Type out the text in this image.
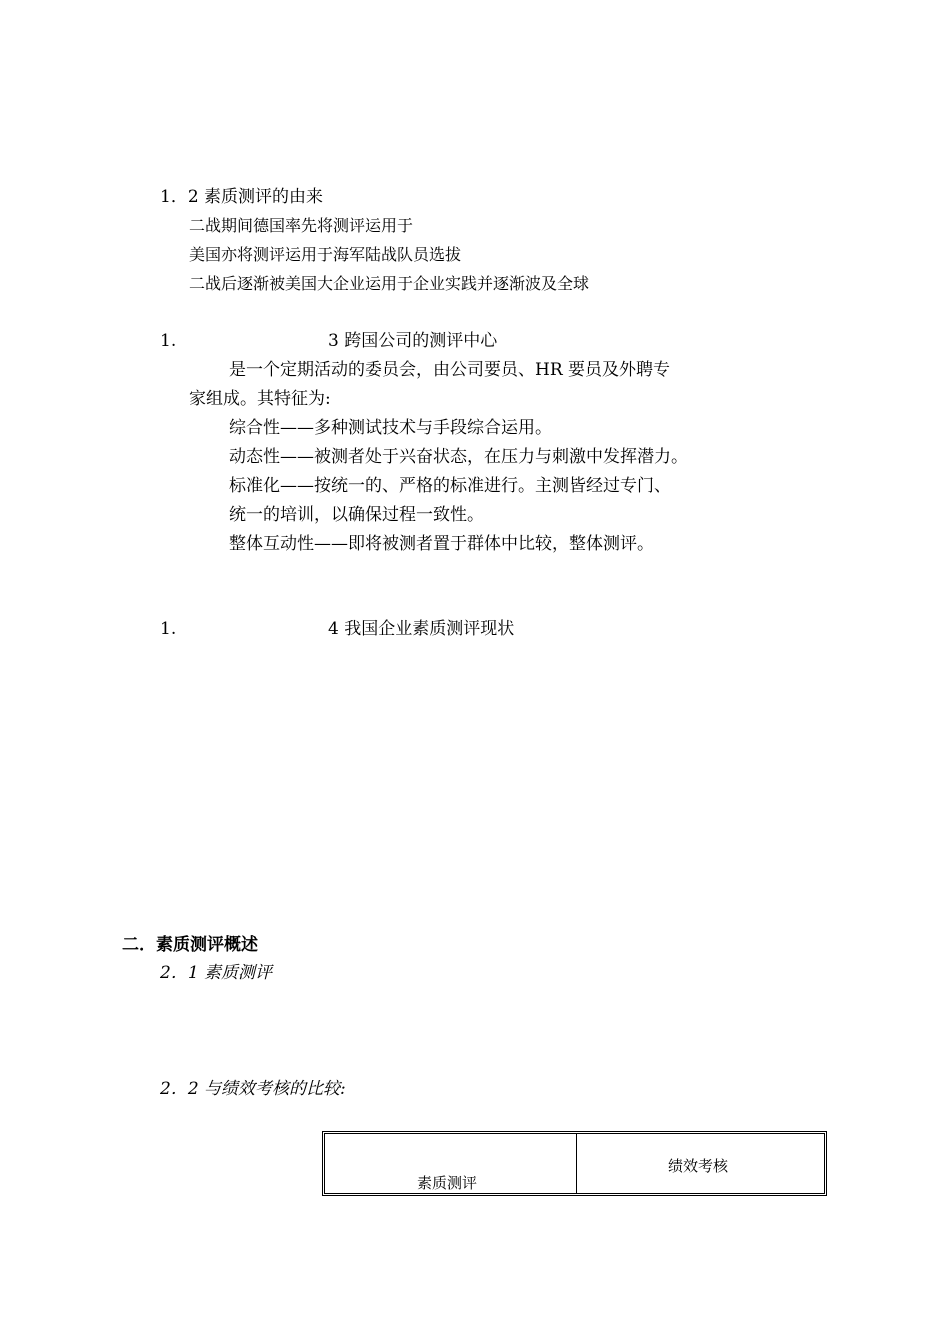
1．2 素质测评的由来
二战期间德国率先将测评运用于
美国亦将测评运用于海军陆战队员选拔
二战后逐渐被美国大企业运用于企业实践并逐渐波及全球
1.	3 跨国公司的测评中心
是一个定期活动的委员会，由公司要员、HR 要员及外聘专
家组成。其特征为:
综合性——多种测试技术与手段综合运用。
动态性——被测者处于兴奋状态，在压力与刺激中发挥潜力。
标准化——按统一的、严格的标准进行。主测皆经过专门、
统一的培训，以确保过程一致性。
整体互动性——即将被测者置于群体中比较，整体测评。
1.	4 我国企业素质测评现状
二．素质测评概述
2．1 素质测评
2．2 与绩效考核的比较:
素质测评
绩效考核
